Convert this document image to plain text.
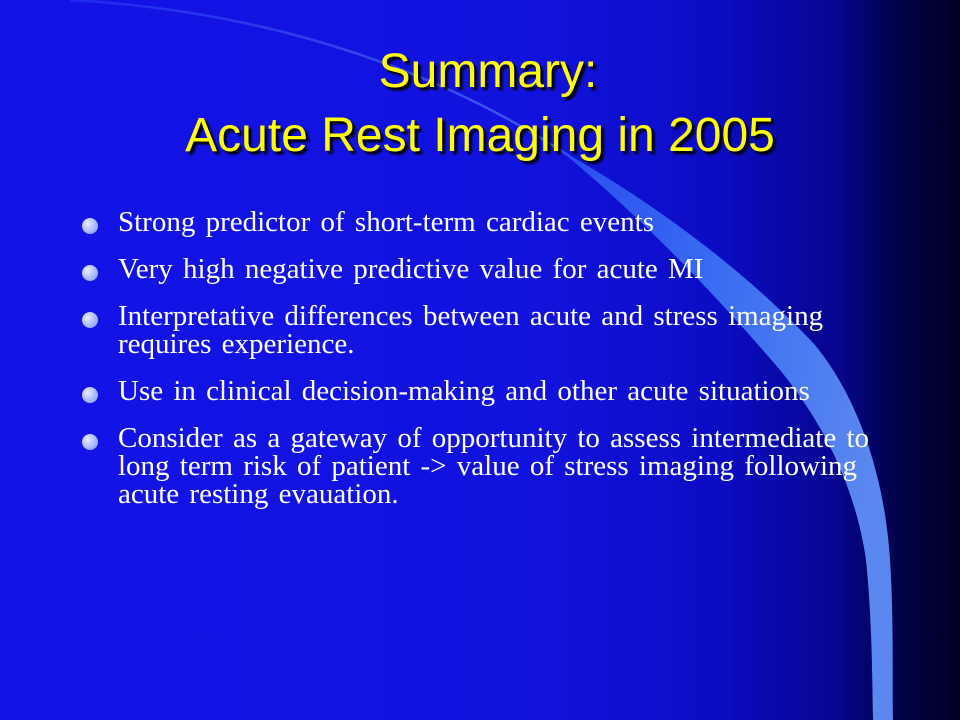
Summary:
Acute Rest Imaging in 2005
Strong predictor of short-term cardiac events
Very high negative predictive value for acute MI
Interpretative differences between acute and stress imaging requires experience.
Use in clinical decision-making and other acute situations
Consider as a gateway of opportunity to assess intermediate to long term risk of patient -> value of stress imaging following acute resting evauation.
